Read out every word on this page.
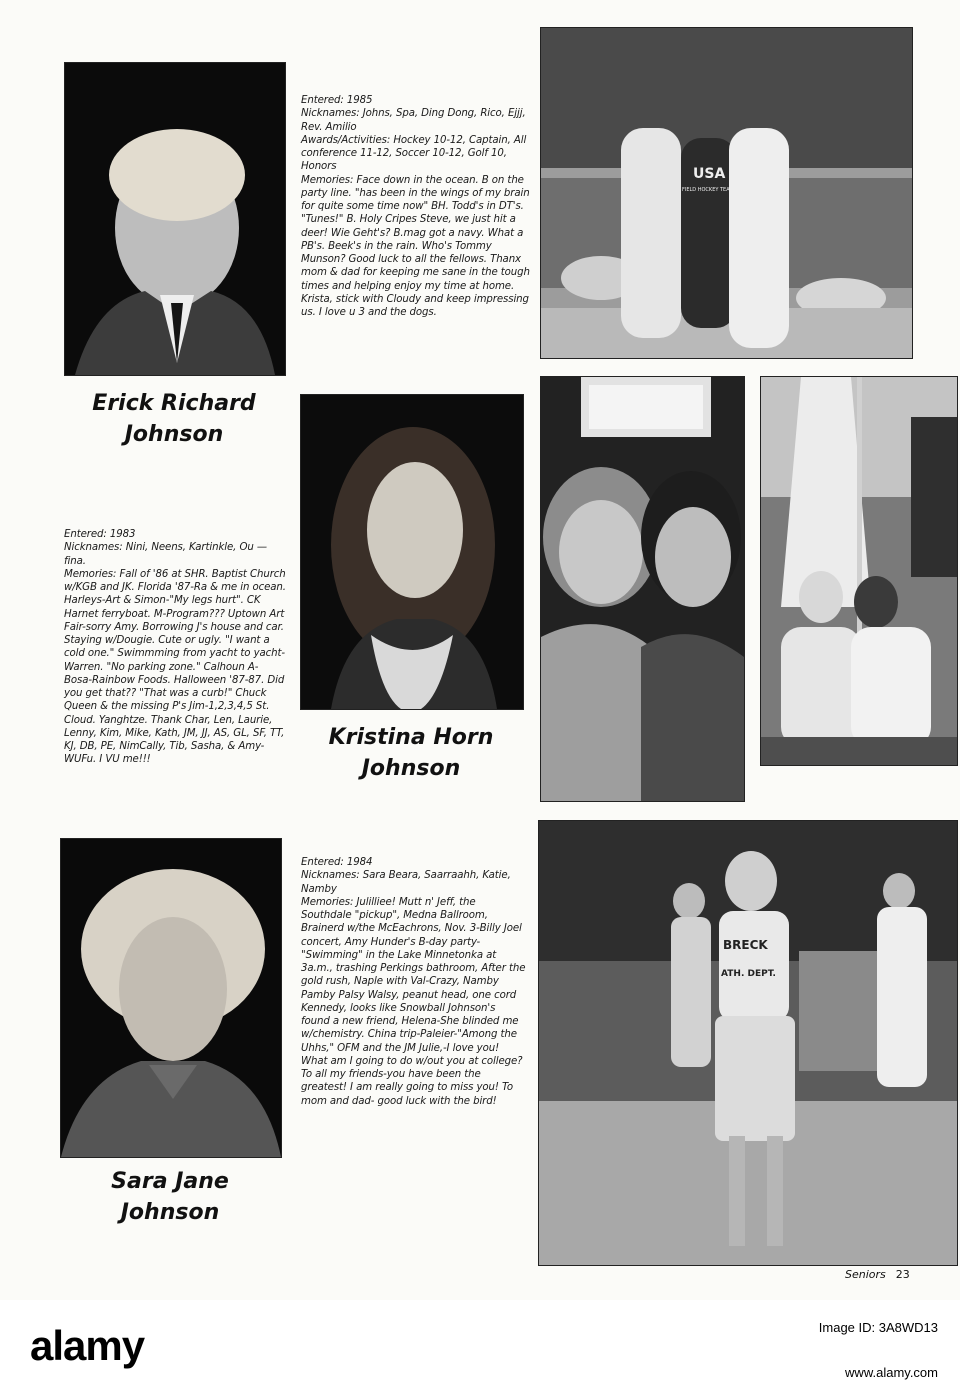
Erick Richard
Johnson

Entered: 1985

Nicknames: Johns, Spa, Ding Dong, Rico, Ejjj, Rev. Amilio

Awards/Activities: Hockey 10-12, Captain, All conference 11-12, Soccer 10-12, Golf 10, Honors

Memories: Face down in the ocean. B on the party line. "has been in the wings of my brain for quite some time now" BH. Todd's in DT's. "Tunes!" B. Holy Cripes Steve, we just hit a deer! Wie Geht's? B.mag got a navy. What a PB's. Beek's in the rain. Who's Tommy Munson? Good luck to all the fellows. Thanx mom & dad for keeping me sane in the tough times and helping enjoy my time at home. Krista, stick with Cloudy and keep impressing us. I love u 3 and the dogs.

USA
FIELD HOCKEY TEAM
Kristina Horn
Johnson

Entered: 1983

Nicknames: Nini, Neens, Kartinkle, Ou — fina.

Memories: Fall of '86 at SHR. Baptist Church w/KGB and JK. Florida '87-Ra & me in ocean. Harleys-Art & Simon-"My legs hurt". CK Harnet ferryboat. M-Program??? Uptown Art Fair-sorry Amy. Borrowing J's house and car. Staying w/Dougie. Cute or ugly. "I want a cold one." Swimmming from yacht to yacht-Warren. "No parking zone." Calhoun A-Bosa-Rainbow Foods. Halloween '87-87. Did you get that?? "That was a curb!" Chuck Queen & the missing P's Jim-1,2,3,4,5 St. Cloud. Yanghtze. Thank Char, Len, Laurie, Lenny, Kim, Mike, Kath, JM, JJ, AS, GL, SF, TT, KJ, DB, PE, NimCally, Tib, Sasha, & Amy-WUFu. I VU me!!!

Sara Jane
Johnson

Entered: 1984

Nicknames: Sara Beara, Saarraahh, Katie, Namby

Memories: Julilliee! Mutt n' Jeff, the Southdale "pickup", Medna Ballroom, Brainerd w/the McEachrons, Nov. 3-Billy Joel concert, Amy Hunder's B-day party-"Swimming" in the Lake Minnetonka at 3a.m., trashing Perkings bathroom, After the gold rush, Naple with Val-Crazy, Namby Pamby Palsy Walsy, peanut head, one cord Kennedy, looks like Snowball Johnson's found a new friend, Helena-She blinded me w/chemistry. China trip-Paleier-"Among the Uhhs," OFM and the JM Julie,-I love you! What am I going to do w/out you at college? To all my friends-you have been the greatest! I am really going to miss you! To mom and dad- good luck with the bird!

BRECK
ATH. DEPT.
Seniors 23
alamy	Image ID: 3A8WD13
www.alamy.com
